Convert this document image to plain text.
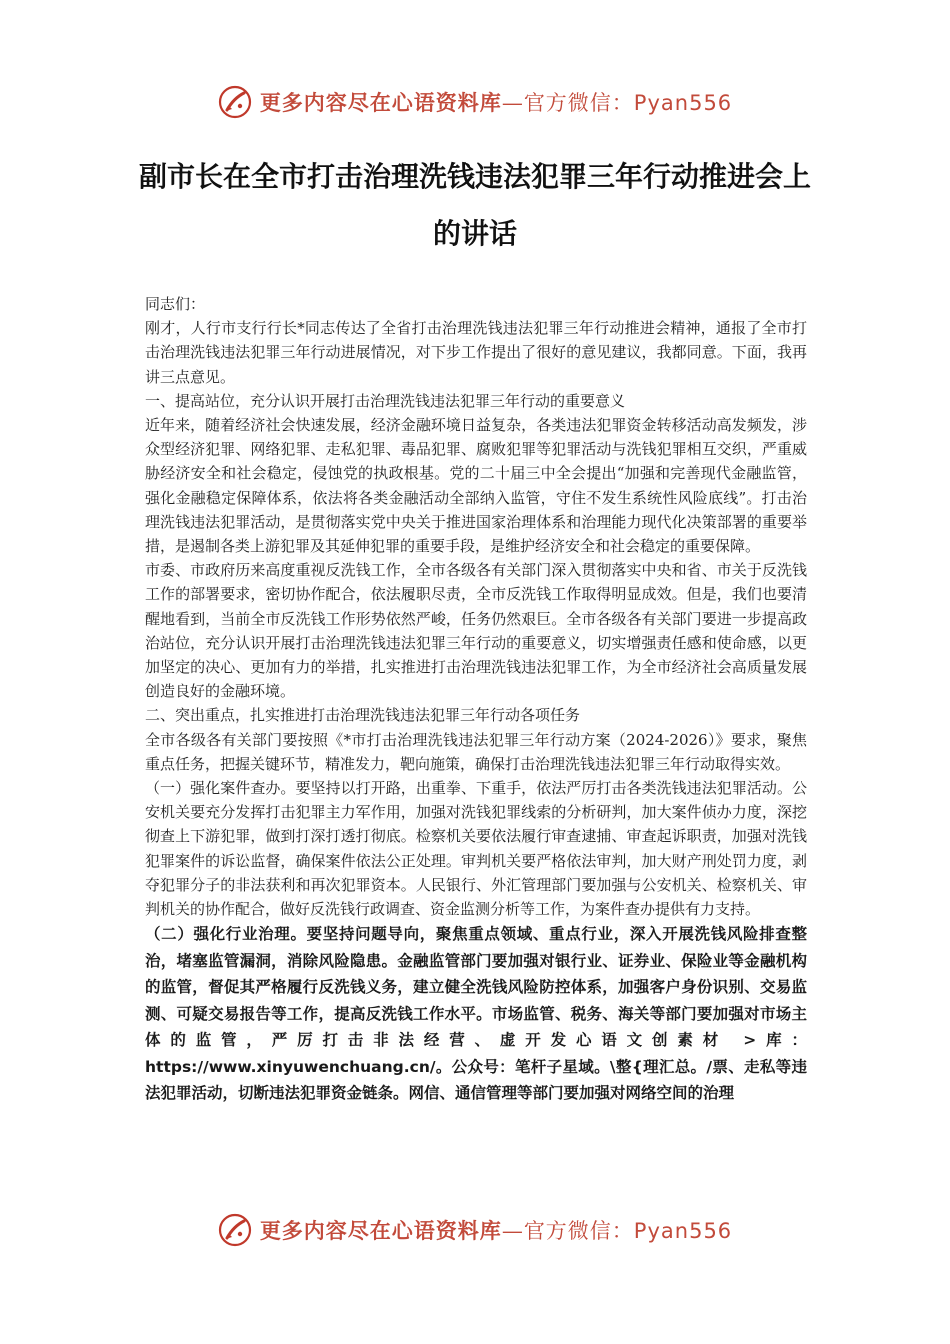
更多内容尽在心语资料库—官方微信：Pyan556
副市长在全市打击治理洗钱违法犯罪三年行动推进会上的讲话

同志们：

刚才，人行市支行行长*同志传达了全省打击治理洗钱违法犯罪三年行动推进会精神，通报了全市打击治理洗钱违法犯罪三年行动进展情况，对下步工作提出了很好的意见建议，我都同意。下面，我再讲三点意见。

一、提高站位，充分认识开展打击治理洗钱违法犯罪三年行动的重要意义

近年来，随着经济社会快速发展，经济金融环境日益复杂，各类违法犯罪资金转移活动高发频发，涉众型经济犯罪、网络犯罪、走私犯罪、毒品犯罪、腐败犯罪等犯罪活动与洗钱犯罪相互交织，严重威胁经济安全和社会稳定，侵蚀党的执政根基。党的二十届三中全会提出“加强和完善现代金融监管，强化金融稳定保障体系，依法将各类金融活动全部纳入监管，守住不发生系统性风险底线”。打击治理洗钱违法犯罪活动，是贯彻落实党中央关于推进国家治理体系和治理能力现代化决策部署的重要举措，是遏制各类上游犯罪及其延伸犯罪的重要手段，是维护经济安全和社会稳定的重要保障。

市委、市政府历来高度重视反洗钱工作，全市各级各有关部门深入贯彻落实中央和省、市关于反洗钱工作的部署要求，密切协作配合，依法履职尽责，全市反洗钱工作取得明显成效。但是，我们也要清醒地看到，当前全市反洗钱工作形势依然严峻，任务仍然艰巨。全市各级各有关部门要进一步提高政治站位，充分认识开展打击治理洗钱违法犯罪三年行动的重要意义，切实增强责任感和使命感，以更加坚定的决心、更加有力的举措，扎实推进打击治理洗钱违法犯罪工作，为全市经济社会高质量发展创造良好的金融环境。

二、突出重点，扎实推进打击治理洗钱违法犯罪三年行动各项任务

全市各级各有关部门要按照《*市打击治理洗钱违法犯罪三年行动方案（2024-2026）》要求，聚焦重点任务，把握关键环节，精准发力，靶向施策，确保打击治理洗钱违法犯罪三年行动取得实效。

（一）强化案件查办。要坚持以打开路，出重拳、下重手，依法严厉打击各类洗钱违法犯罪活动。公安机关要充分发挥打击犯罪主力军作用，加强对洗钱犯罪线索的分析研判，加大案件侦办力度，深挖彻查上下游犯罪，做到打深打透打彻底。检察机关要依法履行审查逮捕、审查起诉职责，加强对洗钱犯罪案件的诉讼监督，确保案件依法公正处理。审判机关要严格依法审判，加大财产刑处罚力度，剥夺犯罪分子的非法获利和再次犯罪资本。人民银行、外汇管理部门要加强与公安机关、检察机关、审判机关的协作配合，做好反洗钱行政调查、资金监测分析等工作，为案件查办提供有力支持。

（二）强化行业治理。要坚持问题导向，聚焦重点领域、重点行业，深入开展洗钱风险排查整治，堵塞监管漏洞，消除风险隐患。金融监管部门要加强对银行业、证券业、保险业等金融机构的监管，督促其严格履行反洗钱义务，建立健全洗钱风险防控体系，加强客户身份识别、交易监测、可疑交易报告等工作，提高反洗钱工作水平。市场监管、税务、海关等部门要加强对市场主体的监管，严厉打击非法经营、虚开发心语文创素材 >库：https://www.xinyuwenchuang.cn/。公众号：笔杆子星域。\整{理汇总。/票、走私等违法犯罪活动，切断违法犯罪资金链条。网信、通信管理等部门要加强对网络空间的治理

更多内容尽在心语资料库—官方微信：Pyan556
